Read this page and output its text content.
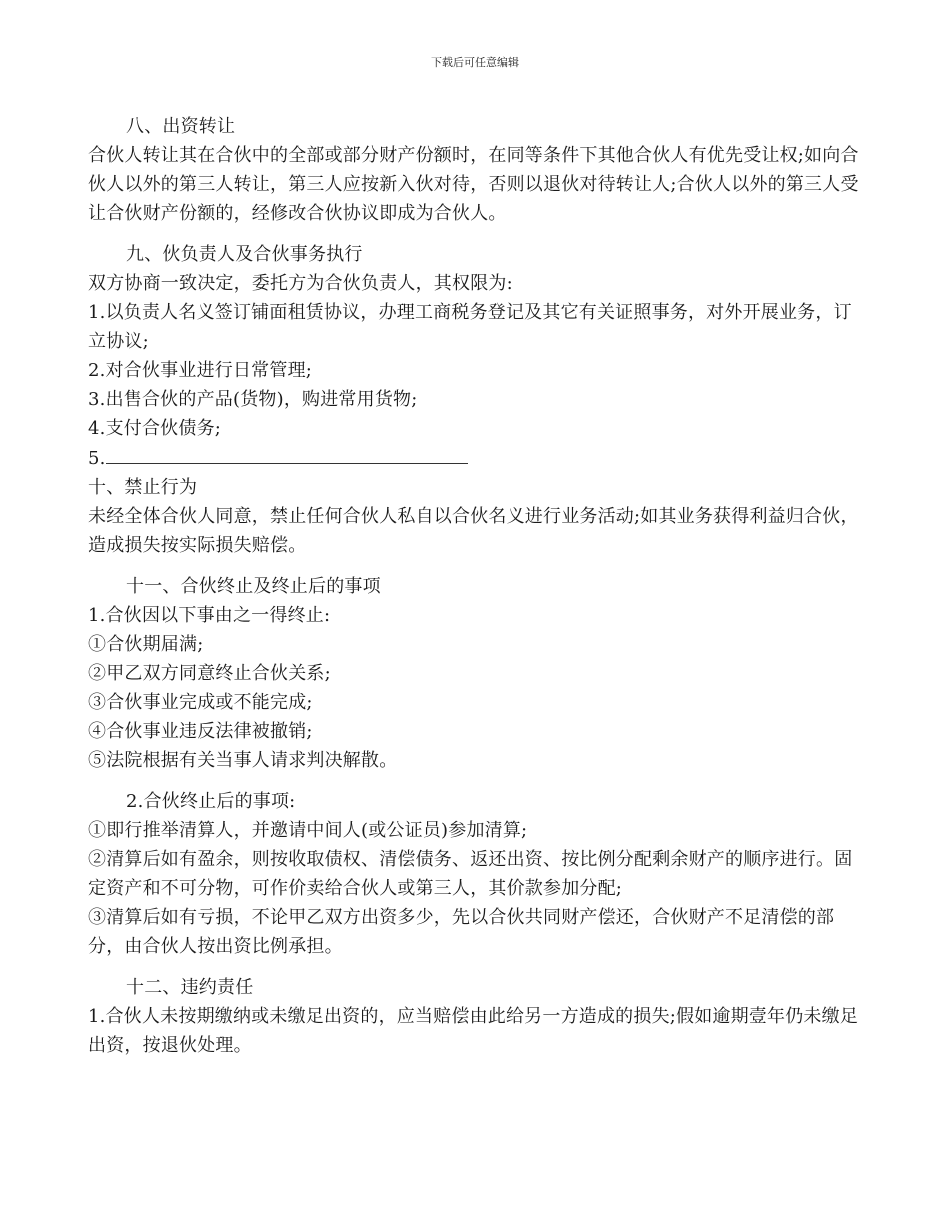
下载后可任意编辑
八、出资转让
合伙人转让其在合伙中的全部或部分财产份额时，在同等条件下其他合伙人有优先受让权;如向合伙人以外的第三人转让，第三人应按新入伙对待，否则以退伙对待转让人;合伙人以外的第三人受让合伙财产份额的，经修改合伙协议即成为合伙人。
九、伙负责人及合伙事务执行
双方协商一致决定，委托方为合伙负责人，其权限为:
1.以负责人名义签订铺面租赁协议，办理工商税务登记及其它有关证照事务，对外开展业务，订立协议;
2.对合伙事业进行日常管理;
3.出售合伙的产品(货物)，购进常用货物;
4.支付合伙债务;
5.
十、禁止行为
未经全体合伙人同意，禁止任何合伙人私自以合伙名义进行业务活动;如其业务获得利益归合伙，造成损失按实际损失赔偿。
十一、合伙终止及终止后的事项
1.合伙因以下事由之一得终止:
①合伙期届满;
②甲乙双方同意终止合伙关系;
③合伙事业完成或不能完成;
④合伙事业违反法律被撤销;
⑤法院根据有关当事人请求判决解散。
2.合伙终止后的事项:
①即行推举清算人，并邀请中间人(或公证员)参加清算;
②清算后如有盈余，则按收取债权、清偿债务、返还出资、按比例分配剩余财产的顺序进行。固定资产和不可分物，可作价卖给合伙人或第三人，其价款参加分配;
③清算后如有亏损，不论甲乙双方出资多少，先以合伙共同财产偿还，合伙财产不足清偿的部分，由合伙人按出资比例承担。
十二、违约责任
1.合伙人未按期缴纳或未缴足出资的，应当赔偿由此给另一方造成的损失;假如逾期壹年仍未缴足出资，按退伙处理。
